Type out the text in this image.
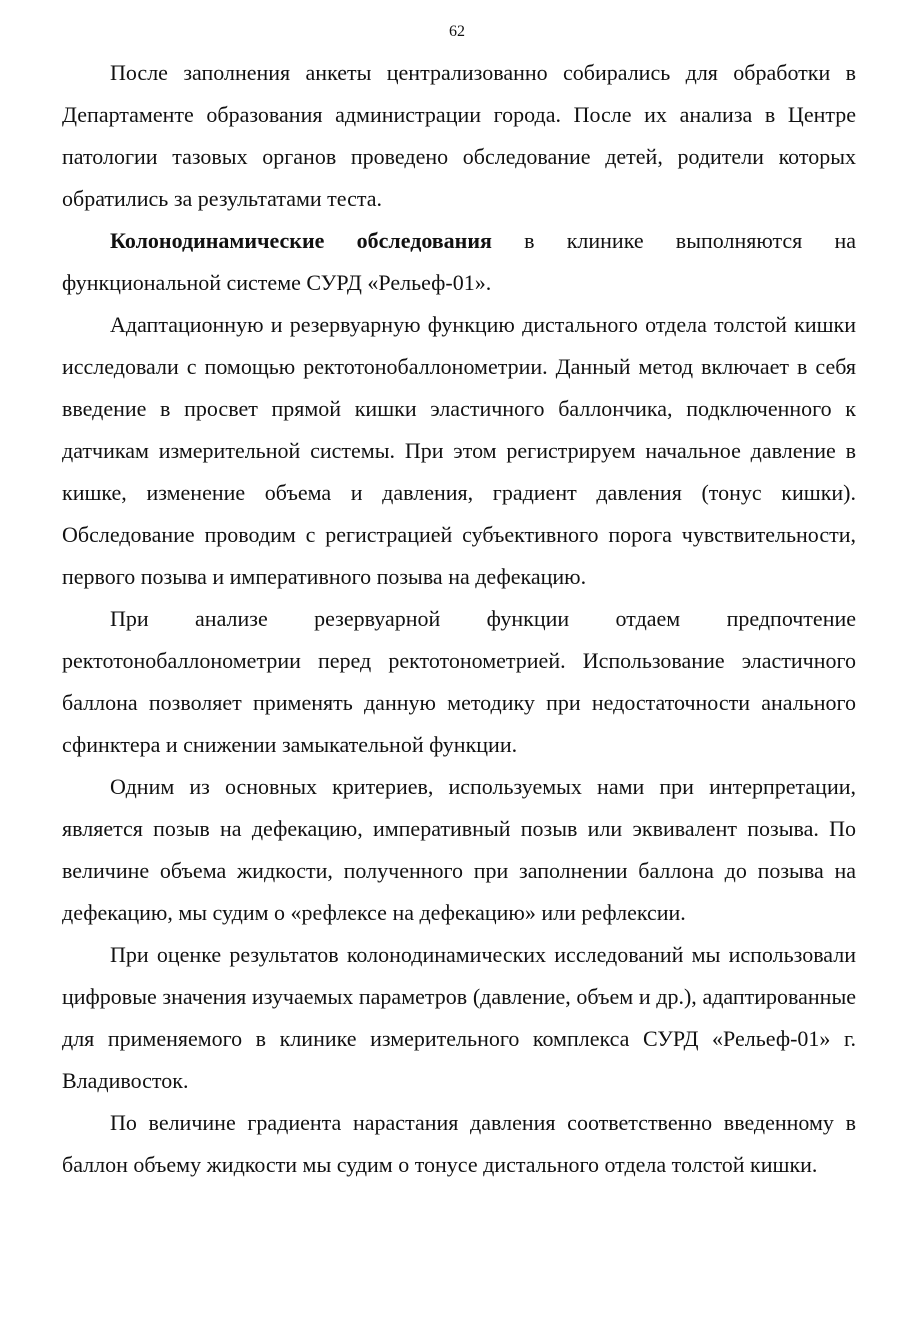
62

После заполнения анкеты централизованно собирались для обработки в Департаменте образования администрации города. После их анализа в Центре патологии тазовых органов проведено обследование детей, родители которых обратились за результатами теста.

Колонодинамические обследования в клинике выполняются на функциональной системе СУРД «Рельеф-01».

Адаптационную и резервуарную функцию дистального отдела толстой кишки исследовали с помощью ректотонобаллонометрии. Данный метод включает в себя введение в просвет прямой кишки эластичного баллончика, подключенного к датчикам измерительной системы. При этом регистрируем начальное давление в кишке, изменение объема и давления, градиент давления (тонус кишки). Обследование проводим с регистрацией субъективного порога чувствительности, первого позыва и императивного позыва на дефекацию.

При анализе резервуарной функции отдаем предпочтение ректотонобаллонометрии перед ректотонометрией. Использование эластичного баллона позволяет применять данную методику при недостаточности анального сфинктера и снижении замыкательной функции.

Одним из основных критериев, используемых нами при интерпретации, является позыв на дефекацию, императивный позыв или эквивалент позыва. По величине объема жидкости, полученного при заполнении баллона до позыва на дефекацию, мы судим о «рефлексе на дефекацию» или рефлексии.

При оценке результатов колонодинамических исследований мы использовали цифровые значения изучаемых параметров (давление, объем и др.), адаптированные для применяемого в клинике измерительного комплекса СУРД «Рельеф-01» г. Владивосток.

По величине градиента нарастания давления соответственно введенному в баллон объему жидкости мы судим о тонусе дистального отдела толстой кишки.
